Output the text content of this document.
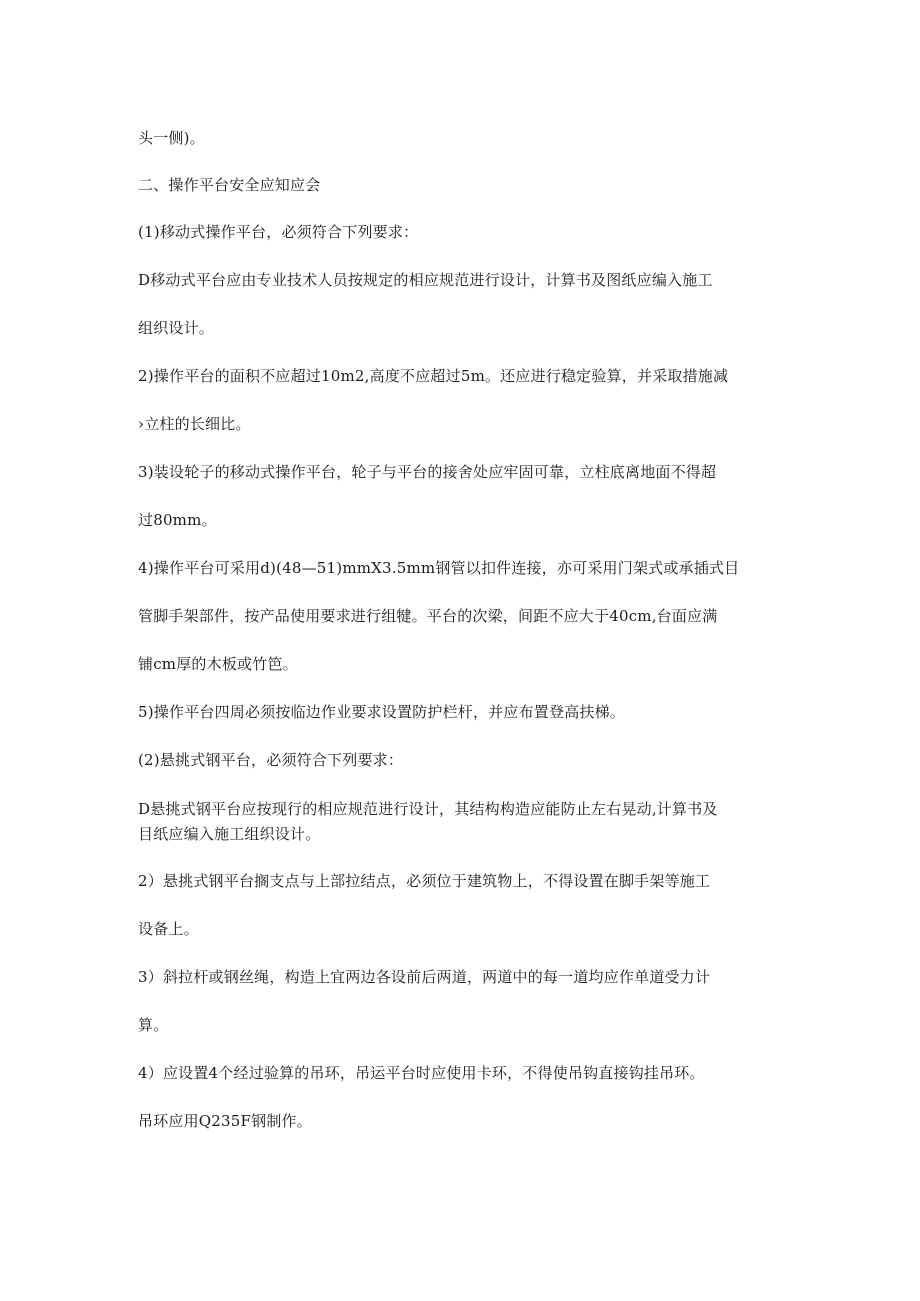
头一侧)。
二、操作平台安全应知应会
(1)移动式操作平台，必须符合下列要求：
D移动式平台应由专业技术人员按规定的相应规范进行设计，计算书及图纸应编入施工
组织设计。
2)操作平台的面积不应超过10m2,高度不应超过5m。还应进行稳定验算，并采取措施减
›立柱的长细比。
3)装设轮子的移动式操作平台，轮子与平台的接舍处应牢固可靠，立柱底离地面不得超
过80mm。
4)操作平台可采用d)(48—51)mmX3.5mm钢管以扣件连接，亦可采用门架式或承插式目
管脚手架部件，按产品使用要求进行组犍。平台的次梁，间距不应大于40cm,台面应满
铺cm厚的木板或竹笆。
5)操作平台四周必须按临边作业要求设置防护栏杆，并应布置登高扶梯。
(2)悬挑式钢平台，必须符合下列要求：
D悬挑式钢平台应按现行的相应规范进行设计，其结构构造应能防止左右晃动,计算书及
目纸应编入施工组织设计。
2）悬挑式钢平台搁支点与上部拉结点，必须位于建筑物上，不得设置在脚手架等施工
设备上。
3）斜拉杆或钢丝绳，构造上宜两边各设前后两道，两道中的每一道均应作单道受力计
算。
4）应设置4个经过验算的吊环，吊运平台时应使用卡环，不得使吊钩直接钩挂吊环。
吊环应用Q235F钢制作。
